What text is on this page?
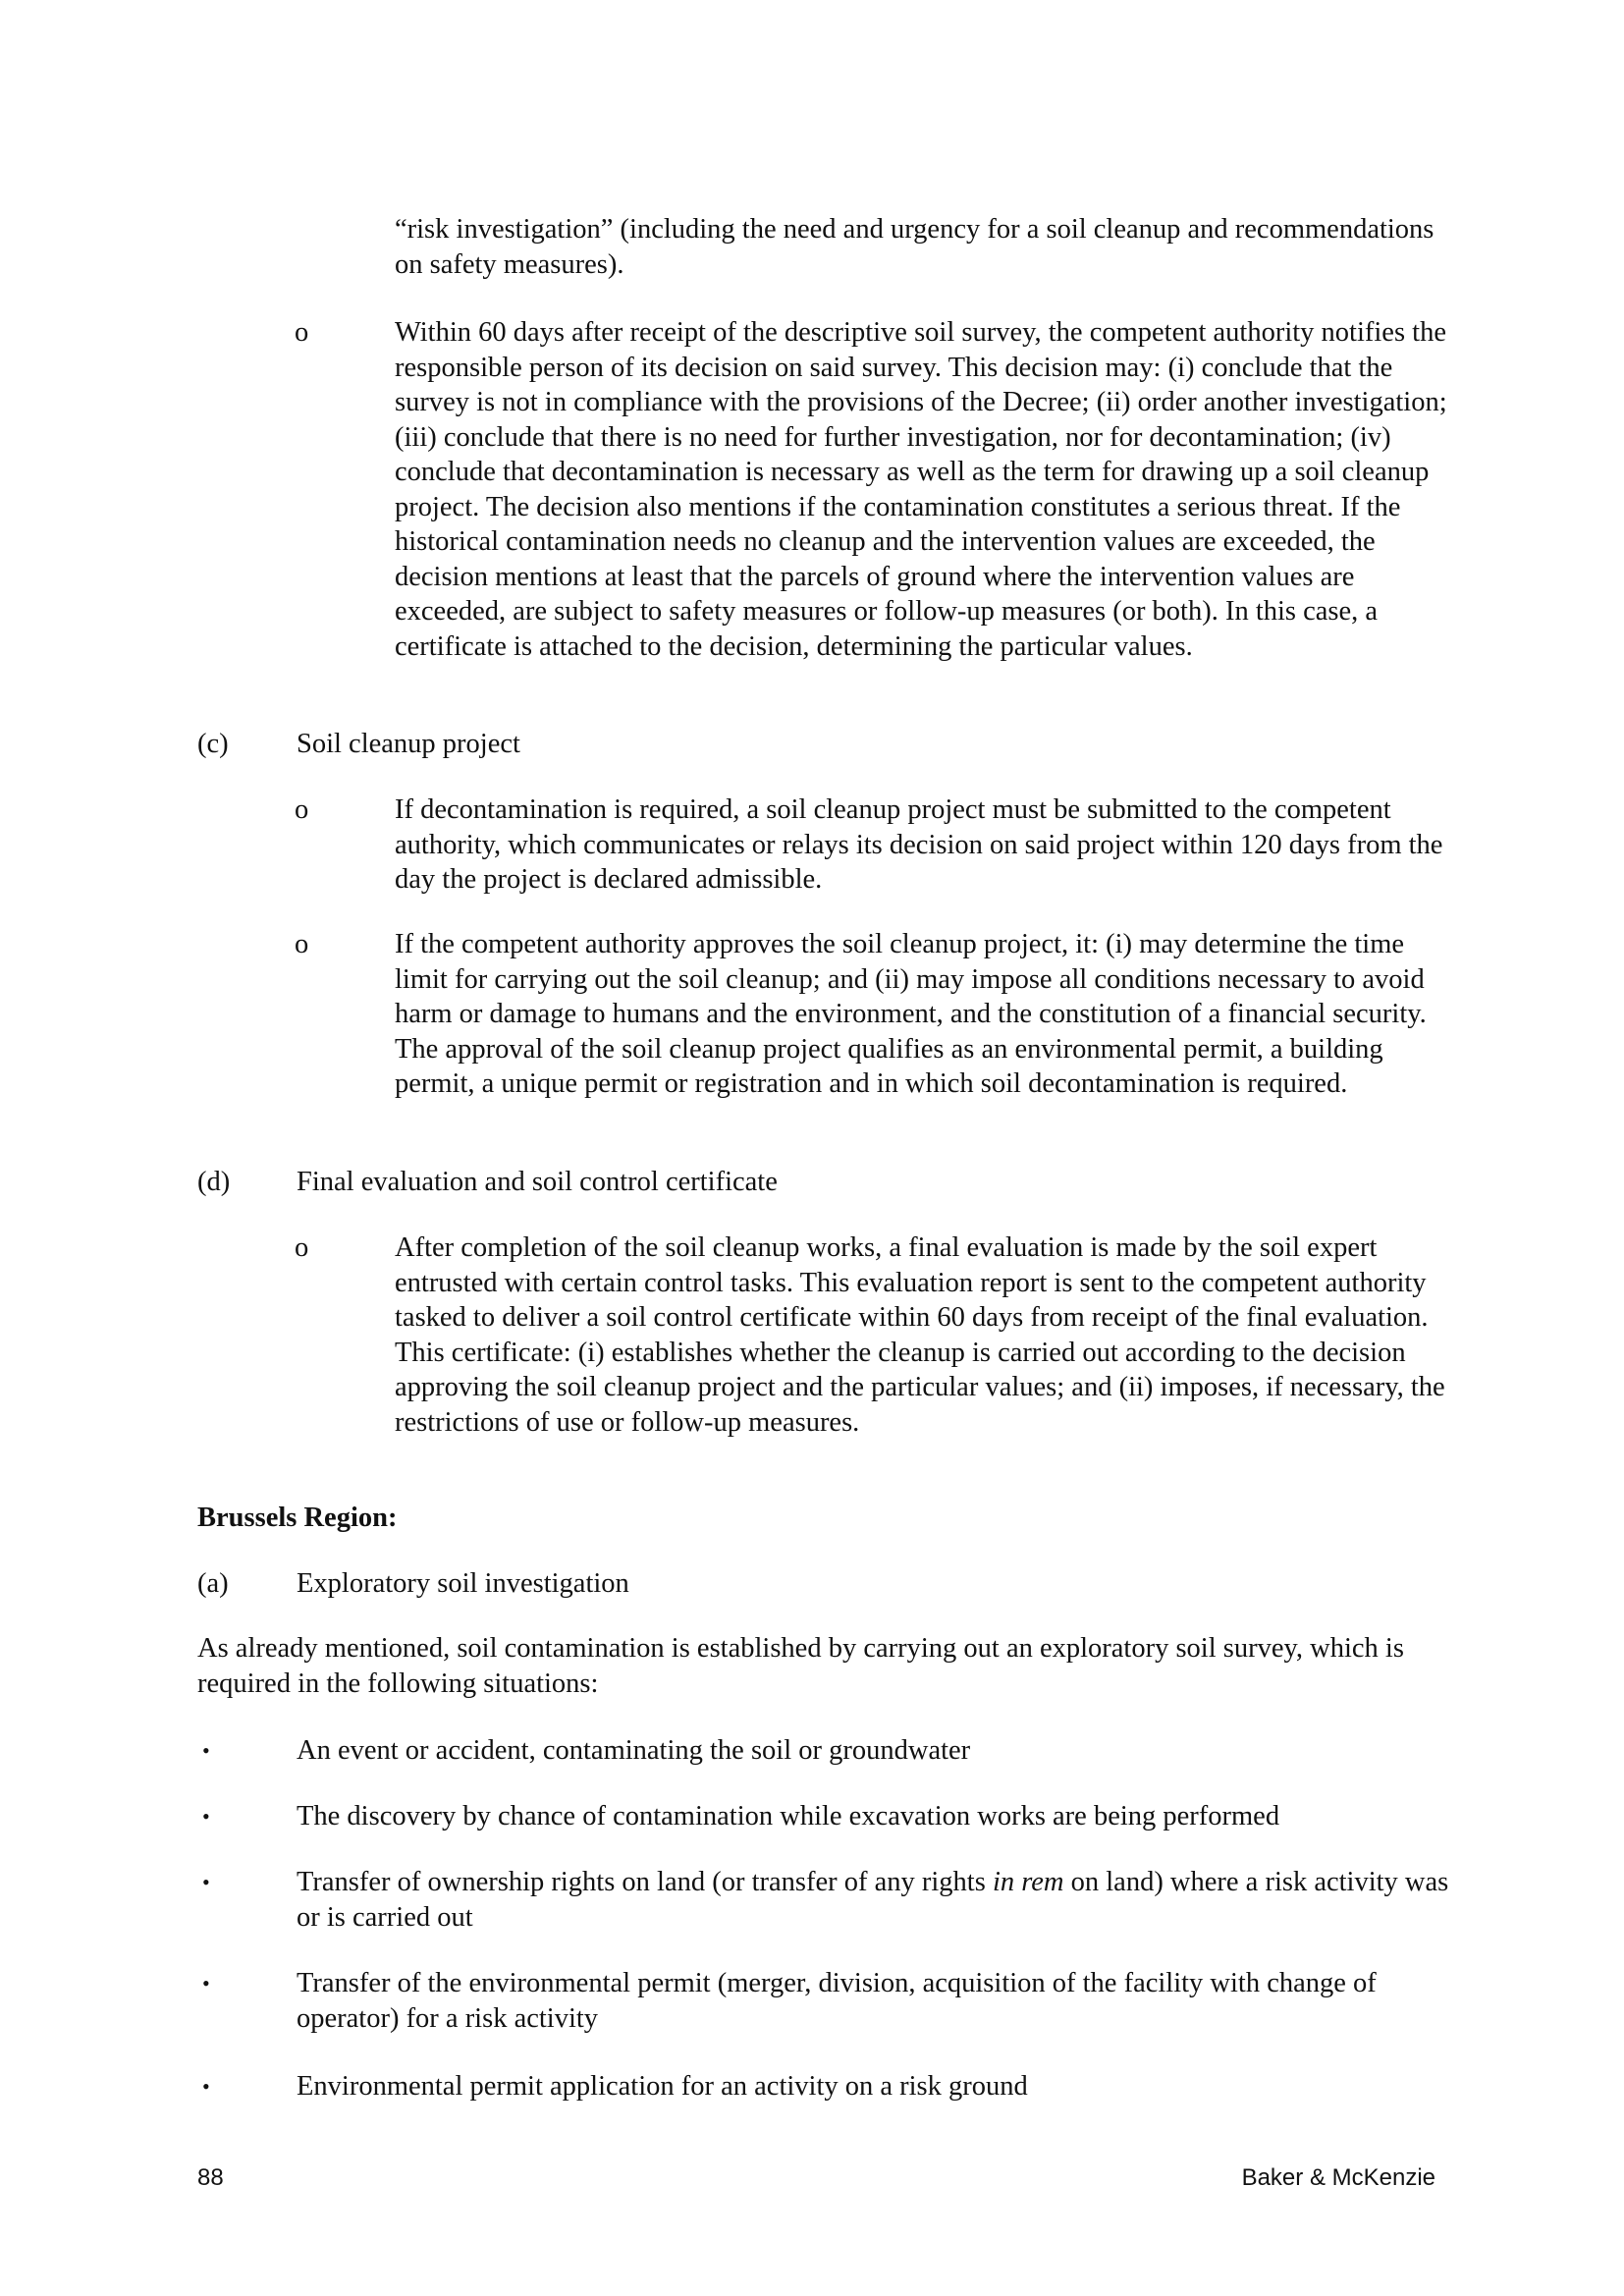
“risk investigation” (including the need and urgency for a soil cleanup and recommendations on safety measures).

o	Within 60 days after receipt of the descriptive soil survey, the competent authority notifies the responsible person of its decision on said survey. This decision may: (i) conclude that the survey is not in compliance with the provisions of the Decree; (ii) order another investigation; (iii) conclude that there is no need for further investigation, nor for decontamination; (iv) conclude that decontamination is necessary as well as the term for drawing up a soil cleanup project. The decision also mentions if the contamination constitutes a serious threat. If the historical contamination needs no cleanup and the intervention values are exceeded, the decision mentions at least that the parcels of ground where the intervention values are exceeded, are subject to safety measures or follow-up measures (or both). In this case, a certificate is attached to the decision, determining the particular values.

(c) Soil cleanup project
o	If decontamination is required, a soil cleanup project must be submitted to the competent authority, which communicates or relays its decision on said project within 120 days from the day the project is declared admissible.

o	If the competent authority approves the soil cleanup project, it: (i) may determine the time limit for carrying out the soil cleanup; and (ii) may impose all conditions necessary to avoid harm or damage to humans and the environment, and the constitution of a financial security. The approval of the soil cleanup project qualifies as an environmental permit, a building permit, a unique permit or registration and in which soil decontamination is required.

(d) Final evaluation and soil control certificate
o	After completion of the soil cleanup works, a final evaluation is made by the soil expert entrusted with certain control tasks. This evaluation report is sent to the competent authority tasked to deliver a soil control certificate within 60 days from receipt of the final evaluation. This certificate: (i) establishes whether the cleanup is carried out according to the decision approving the soil cleanup project and the particular values; and (ii) imposes, if necessary, the restrictions of use or follow-up measures.

Brussels Region:

(a) Exploratory soil investigation

As already mentioned, soil contamination is established by carrying out an exploratory soil survey, which is required in the following situations:

•	An event or accident, contaminating the soil or groundwater

•	The discovery by chance of contamination while excavation works are being performed

•	Transfer of ownership rights on land (or transfer of any rights in rem on land) where a risk activity was or is carried out

•	Transfer of the environmental permit (merger, division, acquisition of the facility with change of operator) for a risk activity

•	Environmental permit application for an activity on a risk ground

88	Baker & McKenzie
